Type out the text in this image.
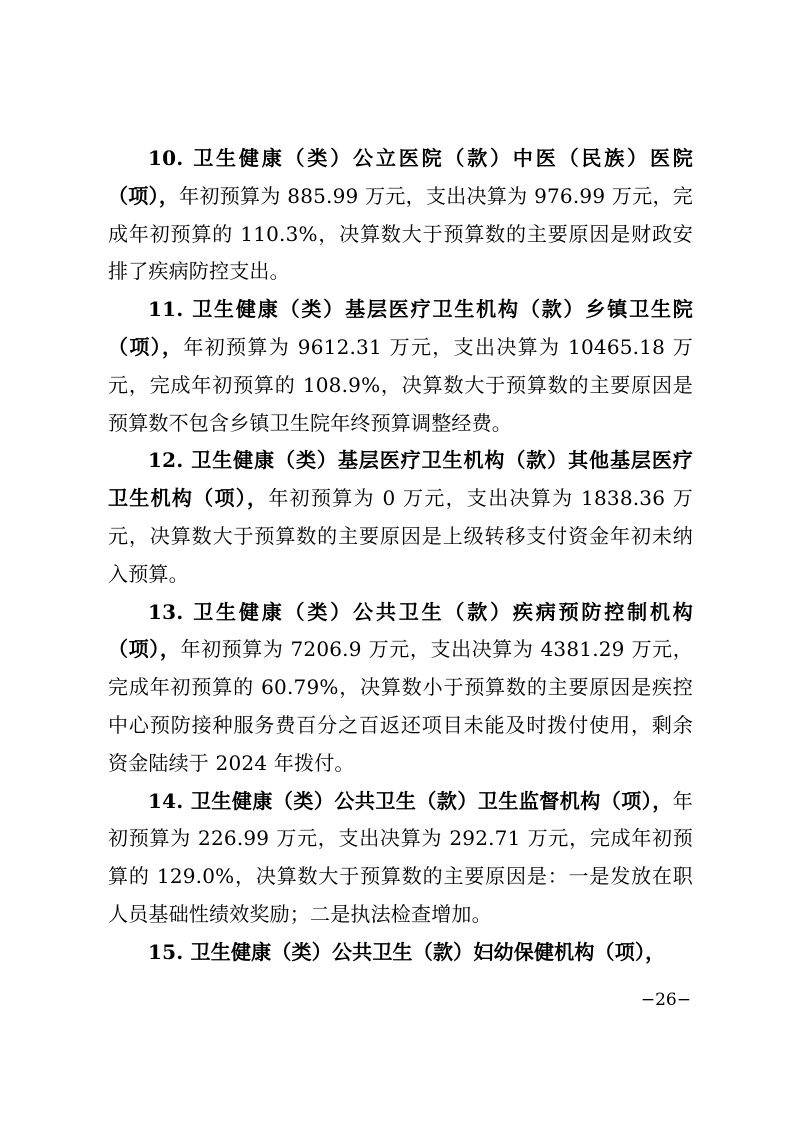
10. 卫生健康（类）公立医院（款）中医（民族）医院（项），年初预算为 885.99 万元，支出决算为 976.99 万元，完成年初预算的 110.3%，决算数大于预算数的主要原因是财政安排了疾病防控支出。

11. 卫生健康（类）基层医疗卫生机构（款）乡镇卫生院（项），年初预算为 9612.31 万元，支出决算为 10465.18 万元，完成年初预算的 108.9%，决算数大于预算数的主要原因是预算数不包含乡镇卫生院年终预算调整经费。

12. 卫生健康（类）基层医疗卫生机构（款）其他基层医疗卫生机构（项），年初预算为 0 万元，支出决算为 1838.36 万元，决算数大于预算数的主要原因是上级转移支付资金年初未纳入预算。

13. 卫生健康（类）公共卫生（款）疾病预防控制机构（项），年初预算为 7206.9 万元，支出决算为 4381.29 万元，完成年初预算的 60.79%，决算数小于预算数的主要原因是疾控中心预防接种服务费百分之百返还项目未能及时拨付使用，剩余资金陆续于 2024 年拨付。

14. 卫生健康（类）公共卫生（款）卫生监督机构（项），年初预算为 226.99 万元，支出决算为 292.71 万元，完成年初预算的 129.0%，决算数大于预算数的主要原因是：一是发放在职人员基础性绩效奖励；二是执法检查增加。

15. 卫生健康（类）公共卫生（款）妇幼保健机构（项），

−26−
